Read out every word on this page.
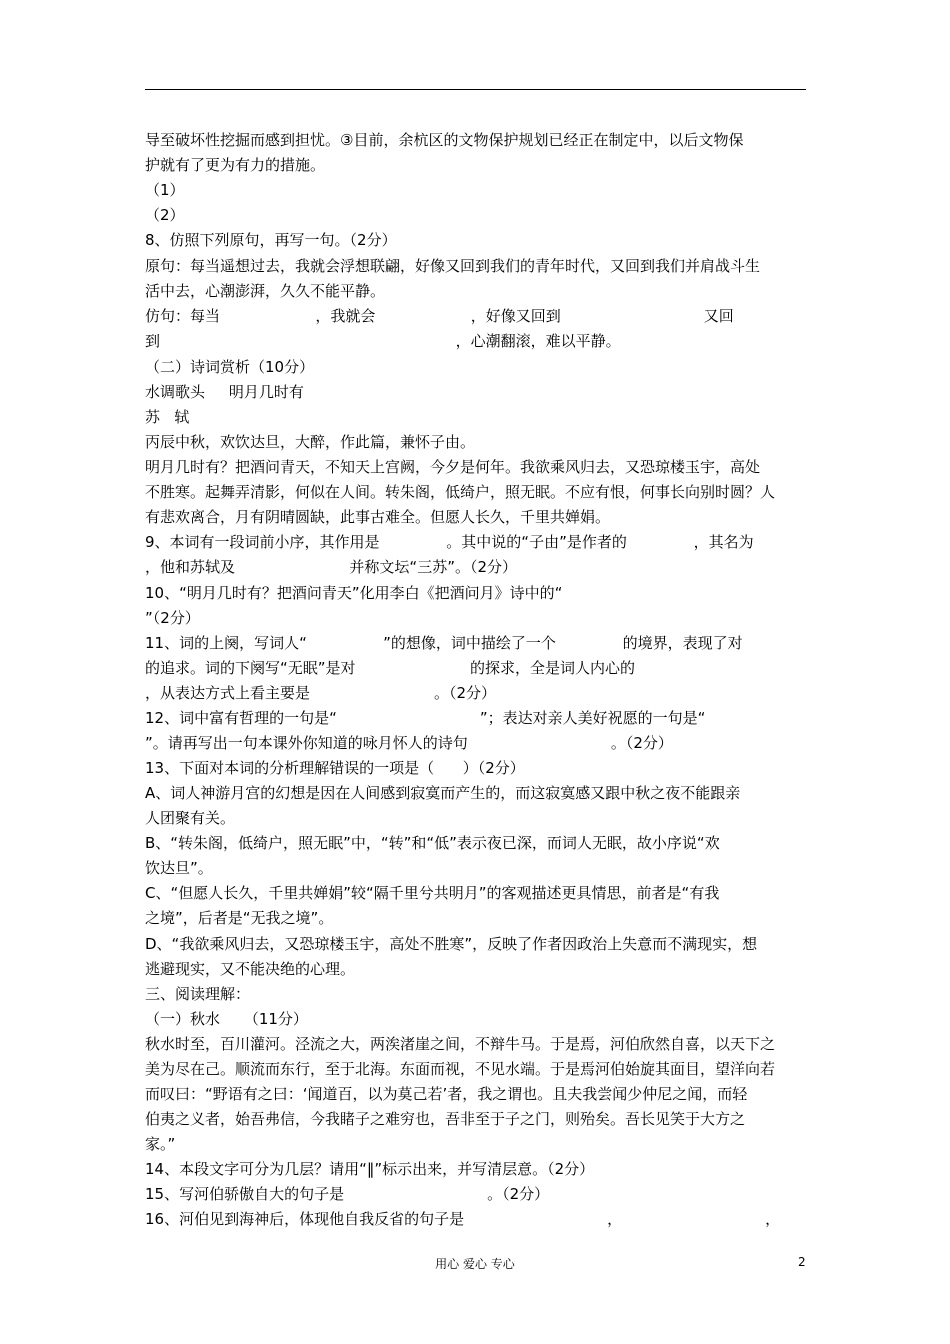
导至破坏性挖掘而感到担忧。③目前，余杭区的文物保护规划已经正在制定中，以后文物保
护就有了更为有力的措施。
（1）
（2）
8、仿照下列原句，再写一句。（2分）
原句：每当遥想过去，我就会浮想联翩，好像又回到我们的青年时代，又回到我们并肩战斗生
活中去，心潮澎湃，久久不能平静。
仿句：每当                    ，我就会                    ，好像又回到                              又回
到                                                              ，心潮翻滚，难以平静。
（二）诗词赏析（10分）
水调歌头     明月几时有
苏   轼
丙辰中秋，欢饮达旦，大醉，作此篇，兼怀子由。
明月几时有？把酒问青天，不知天上宫阙，今夕是何年。我欲乘风归去，又恐琼楼玉宇，高处
不胜寒。起舞弄清影，何似在人间。转朱阁，低绮户，照无眠。不应有恨，何事长向别时圆？人
有悲欢离合，月有阴晴圆缺，此事古难全。但愿人长久，千里共婵娟。
9、本词有一段词前小序，其作用是              。其中说的“子由”是作者的              ，其名为
，他和苏轼及                        并称文坛“三苏”。（2分）
10、“明月几时有？把酒问青天”化用李白《把酒问月》诗中的“
”（2分）
11、词的上阕，写词人“                ”的想像，词中描绘了一个              的境界，表现了对
的追求。词的下阕写“无眠”是对                        的探求，全是词人内心的
，从表达方式上看主要是                          。（2分）
12、词中富有哲理的一句是“                              ”；表达对亲人美好祝愿的一句是“
”。请再写出一句本课外你知道的咏月怀人的诗句                              。（2分）
13、下面对本词的分析理解错误的一项是（      ）（2分）
A、词人神游月宫的幻想是因在人间感到寂寞而产生的，而这寂寞感又跟中秋之夜不能跟亲
人团聚有关。
B、“转朱阁，低绮户，照无眠”中，“转”和“低”表示夜已深，而词人无眠，故小序说“欢
饮达旦”。
C、“但愿人长久，千里共婵娟”较“隔千里兮共明月”的客观描述更具情思，前者是“有我
之境”，后者是“无我之境”。
D、“我欲乘风归去，又恐琼楼玉宇，高处不胜寒”，反映了作者因政治上失意而不满现实，想
逃避现实，又不能决绝的心理。
三、阅读理解：
（一）秋水     （11分）
秋水时至，百川灌河。泾流之大，两涘渚崖之间，不辩牛马。于是焉，河伯欣然自喜，以天下之
美为尽在己。顺流而东行，至于北海。东面而视，不见水端。于是焉河伯始旋其面目，望洋向若
而叹曰：“野语有之曰：‘闻道百，以为莫己若’者，我之谓也。且夫我尝闻少仲尼之闻，而轻
伯夷之义者，始吾弗信，今我睹子之难穷也，吾非至于子之门，则殆矣。吾长见笑于大方之
家。”
14、本段文字可分为几层？请用“‖”标示出来，并写清层意。（2分）
15、写河伯骄傲自大的句子是                              。（2分）
16、河伯见到海神后，体现他自我反省的句子是                              ，                              ，
用心 爱心 专心	2
